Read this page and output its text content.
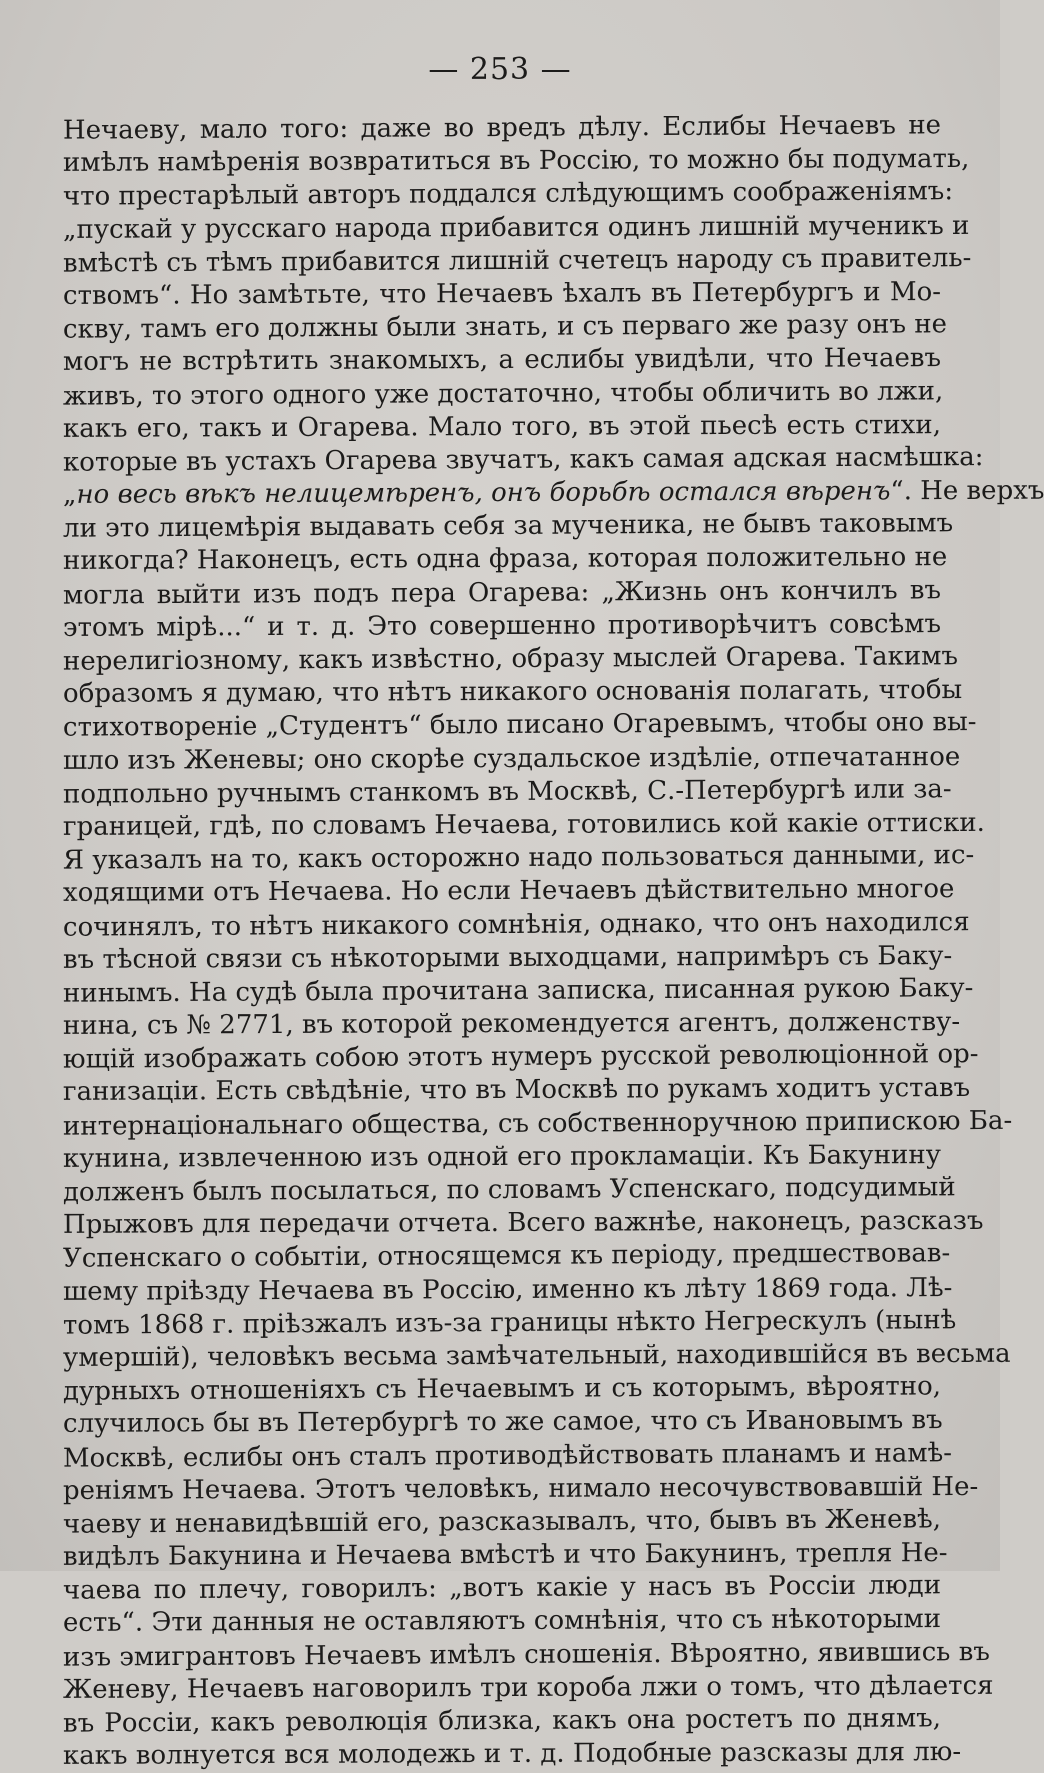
— 253 —
Нечаеву, мало того: даже во вредъ дѣлу. Еслибы Нечаевъ не
имѣлъ намѣренія возвратиться въ Россію, то можно бы подумать,
что престарѣлый авторъ поддался слѣдующимъ соображеніямъ:
„пускай у русскаго народа прибавится одинъ лишній мученикъ и
вмѣстѣ съ тѣмъ прибавится лишній счетецъ народу съ правитель-
ствомъ“. Но замѣтьте, что Нечаевъ ѣхалъ въ Петербургъ и Мо-
скву, тамъ его должны были знать, и съ перваго же разу онъ не
могъ не встрѣтить знакомыхъ, а еслибы увидѣли, что Нечаевъ
живъ, то этого одного уже достаточно, чтобы обличить во лжи,
какъ его, такъ и Огарева. Мало того, въ этой пьесѣ есть стихи,
которые въ устахъ Огарева звучатъ, какъ самая адская насмѣшка:
„но весь вѣкъ нелицемѣренъ, онъ борьбѣ остался вѣренъ“. Не верхъ
ли это лицемѣрія выдавать себя за мученика, не бывъ таковымъ
никогда? Наконецъ, есть одна фраза, которая положительно не
могла выйти изъ подъ пера Огарева: „Жизнь онъ кончилъ въ
этомъ мірѣ...“ и т. д. Это совершенно противорѣчитъ совсѣмъ
нерелигіозному, какъ извѣстно, образу мыслей Огарева. Такимъ
образомъ я думаю, что нѣтъ никакого основанія полагать, чтобы
стихотвореніе „Студентъ“ было писано Огаревымъ, чтобы оно вы-
шло изъ Женевы; оно скорѣе суздальское издѣліе, отпечатанное
подпольно ручнымъ станкомъ въ Москвѣ, С.-Петербургѣ или за-
границей, гдѣ, по словамъ Нечаева, готовились кой какіе оттиски.
Я указалъ на то, какъ осторожно надо пользоваться данными, ис-
ходящими отъ Нечаева. Но если Нечаевъ дѣйствительно многое
сочинялъ, то нѣтъ никакого сомнѣнія, однако, что онъ находился
въ тѣсной связи съ нѣкоторыми выходцами, напримѣръ съ Баку-
нинымъ. На судѣ была прочитана записка, писанная рукою Баку-
нина, съ № 2771, въ которой рекомендуется агентъ, долженству-
ющій изображать собою этотъ нумеръ русской революціонной ор-
ганизаціи. Есть свѣдѣніе, что въ Москвѣ по рукамъ ходитъ уставъ
интернаціональнаго общества, съ собственноручною припискою Ба-
кунина, извлеченною изъ одной его прокламаціи. Къ Бакунину
долженъ былъ посылаться, по словамъ Успенскаго, подсудимый
Прыжовъ для передачи отчета. Всего важнѣе, наконецъ, разсказъ
Успенскаго о событіи, относящемся къ періоду, предшествовав-
шему пріѣзду Нечаева въ Россію, именно къ лѣту 1869 года. Лѣ-
томъ 1868 г. пріѣзжалъ изъ-за границы нѣкто Негрескулъ (нынѣ
умершій), человѣкъ весьма замѣчательный, находившійся въ весьма
дурныхъ отношеніяхъ съ Нечаевымъ и съ которымъ, вѣроятно,
случилось бы въ Петербургѣ то же самое, что съ Ивановымъ въ
Москвѣ, еслибы онъ сталъ противодѣйствовать планамъ и намѣ-
реніямъ Нечаева. Этотъ человѣкъ, нимало несочувствовавшій Не-
чаеву и ненавидѣвшій его, разсказывалъ, что, бывъ въ Женевѣ,
видѣлъ Бакунина и Нечаева вмѣстѣ и что Бакунинъ, трепля Не-
чаева по плечу, говорилъ: „вотъ какіе у насъ въ Россіи люди
есть“. Эти данныя не оставляютъ сомнѣнія, что съ нѣкоторыми
изъ эмигрантовъ Нечаевъ имѣлъ сношенія. Вѣроятно, явившись въ
Женеву, Нечаевъ наговорилъ три короба лжи о томъ, что дѣлается
въ Россіи, какъ революція близка, какъ она ростетъ по днямъ,
какъ волнуется вся молодежь и т. д. Подобные разсказы для лю-
